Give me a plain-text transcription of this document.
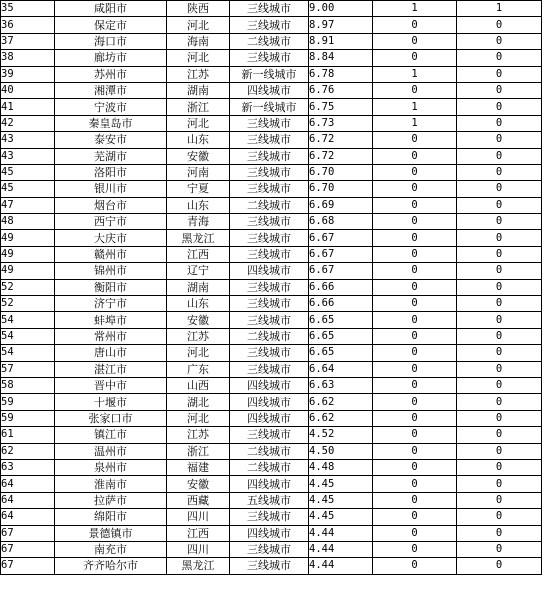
35	咸阳市	陕西	三线城市	9.00	1	1
36	保定市	河北	三线城市	8.97	0	0
37	海口市	海南	二线城市	8.91	0	0
38	廊坊市	河北	三线城市	8.84	0	0
39	苏州市	江苏	新一线城市	6.78	1	0
40	湘潭市	湖南	四线城市	6.76	0	0
41	宁波市	浙江	新一线城市	6.75	1	0
42	秦皇岛市	河北	三线城市	6.73	1	0
43	泰安市	山东	三线城市	6.72	0	0
43	芜湖市	安徽	三线城市	6.72	0	0
45	洛阳市	河南	三线城市	6.70	0	0
45	银川市	宁夏	三线城市	6.70	0	0
47	烟台市	山东	二线城市	6.69	0	0
48	西宁市	青海	三线城市	6.68	0	0
49	大庆市	黑龙江	三线城市	6.67	0	0
49	赣州市	江西	三线城市	6.67	0	0
49	锦州市	辽宁	四线城市	6.67	0	0
52	衡阳市	湖南	三线城市	6.66	0	0
52	济宁市	山东	三线城市	6.66	0	0
54	蚌埠市	安徽	三线城市	6.65	0	0
54	常州市	江苏	二线城市	6.65	0	0
54	唐山市	河北	三线城市	6.65	0	0
57	湛江市	广东	三线城市	6.64	0	0
58	晋中市	山西	四线城市	6.63	0	0
59	十堰市	湖北	四线城市	6.62	0	0
59	张家口市	河北	四线城市	6.62	0	0
61	镇江市	江苏	三线城市	4.52	0	0
62	温州市	浙江	二线城市	4.50	0	0
63	泉州市	福建	二线城市	4.48	0	0
64	淮南市	安徽	四线城市	4.45	0	0
64	拉萨市	西藏	五线城市	4.45	0	0
64	绵阳市	四川	三线城市	4.45	0	0
67	景德镇市	江西	四线城市	4.44	0	0
67	南充市	四川	三线城市	4.44	0	0
67	齐齐哈尔市	黑龙江	三线城市	4.44	0	0
